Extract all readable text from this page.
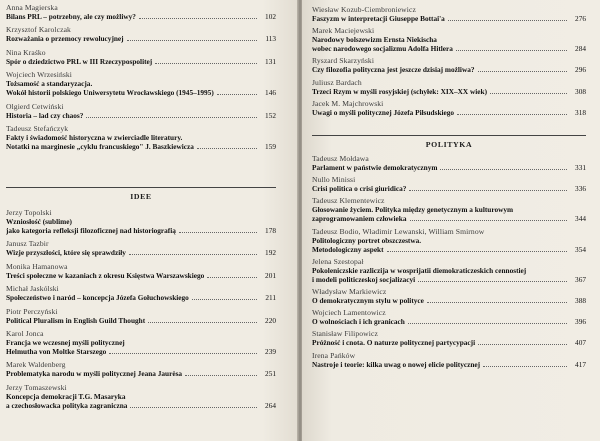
Anna Magierska
Bilans PRL – potrzebny, ale czy możliwy?	102
Krzysztof Karolczak
Rozważania o przemocy rewolucyjnej	113
Nina Kraśko
Spór o dziedzictwo PRL w III Rzeczypospolitej	131
Wojciech Wrzesiński
Tożsamość a standaryzacja.
Wokół historii polskiego Uniwersytetu Wrocławskiego (1945–1995)	146
Olgierd Cetwiński
Historia – lad czy chaos?	152
Tadeusz Stefańczyk
Fakty i świadomość historyczna w zwierciadle literatury.
Notatki na marginesie „cyklu francuskiego" J. Baszkiewicza	159
IDEE
Jerzy Topolski
Wzniosłość (sublime)
jako kategoria refleksji filozoficznej nad historiografią	178
Janusz Tazbir
Wizje przyszłości, które się sprawdziły	192
Monika Hamanowa
Treści społeczne w kazaniach z okresu Księstwa Warszawskiego	201
Michał Jaskólski
Społeczeństwo i naród – koncepcja Józefa Gołuchowskiego	211
Piotr Perczyński
Political Pluralism in English Guild Thought	220
Karol Jonca
Francja we wczesnej myśli politycznej
Helmutha von Moltke Starszego	239
Marek Waldenberg
Problematyka narodu w myśli politycznej Jeana Jaurèsa	251
Jerzy Tomaszewski
Koncepcja demokracji T.G. Masaryka
a czechosłowacka polityka zagraniczna	264
Wiesław Kozub-Ciembroniewicz
Faszyzm w interpretacji Giuseppe Bottai'a	276
Marek Maciejewski
Narodowy bolszewizm Ernsta Niekischa
wobec narodowego socjalizmu Adolfa Hitlera	284
Ryszard Skarzyński
Czy filozofia polityczna jest jeszcze dzisiaj możliwa?	296
Juliusz Bardach
Trzeci Rzym w myśli rosyjskiej (schyłek: XIX–XX wiek)	308
Jacek M. Majchrowski
Uwagi o myśli politycznej Józefa Piłsudskiego	318
POLITYKA
Tadeusz Mołdawa
Parlament w państwie demokratycznym	331
Nullo Minissi
Crisi politica o crisi giuridica?	336
Tadeusz Klementewicz
Głosowanie życiem. Polityka między genetycznym a kulturowym
zaprogramowaniem człowieka	344
Tadeusz Bodio, Władimir Lewanski, William Smirnow
Politologiczny portret obszczestwa.
Metodologiczny aspekt	354
Jelena Szestopał
Pokoleniczskie razliczija w wosprijatii diemokraticzeskich cennostiej
i modeli politiczeskoj socjalizacyi	367
Władysław Markiewicz
O demokratycznym stylu w polityce	388
Wojciech Lamentowicz
O wolnościach i ich granicach	396
Stanisław Filipowicz
Próżność i cnota. O naturze politycznej partycypacji	407
Irena Pańków
Nastroje i teorie: kilka uwag o nowej elicie politycznej	417
